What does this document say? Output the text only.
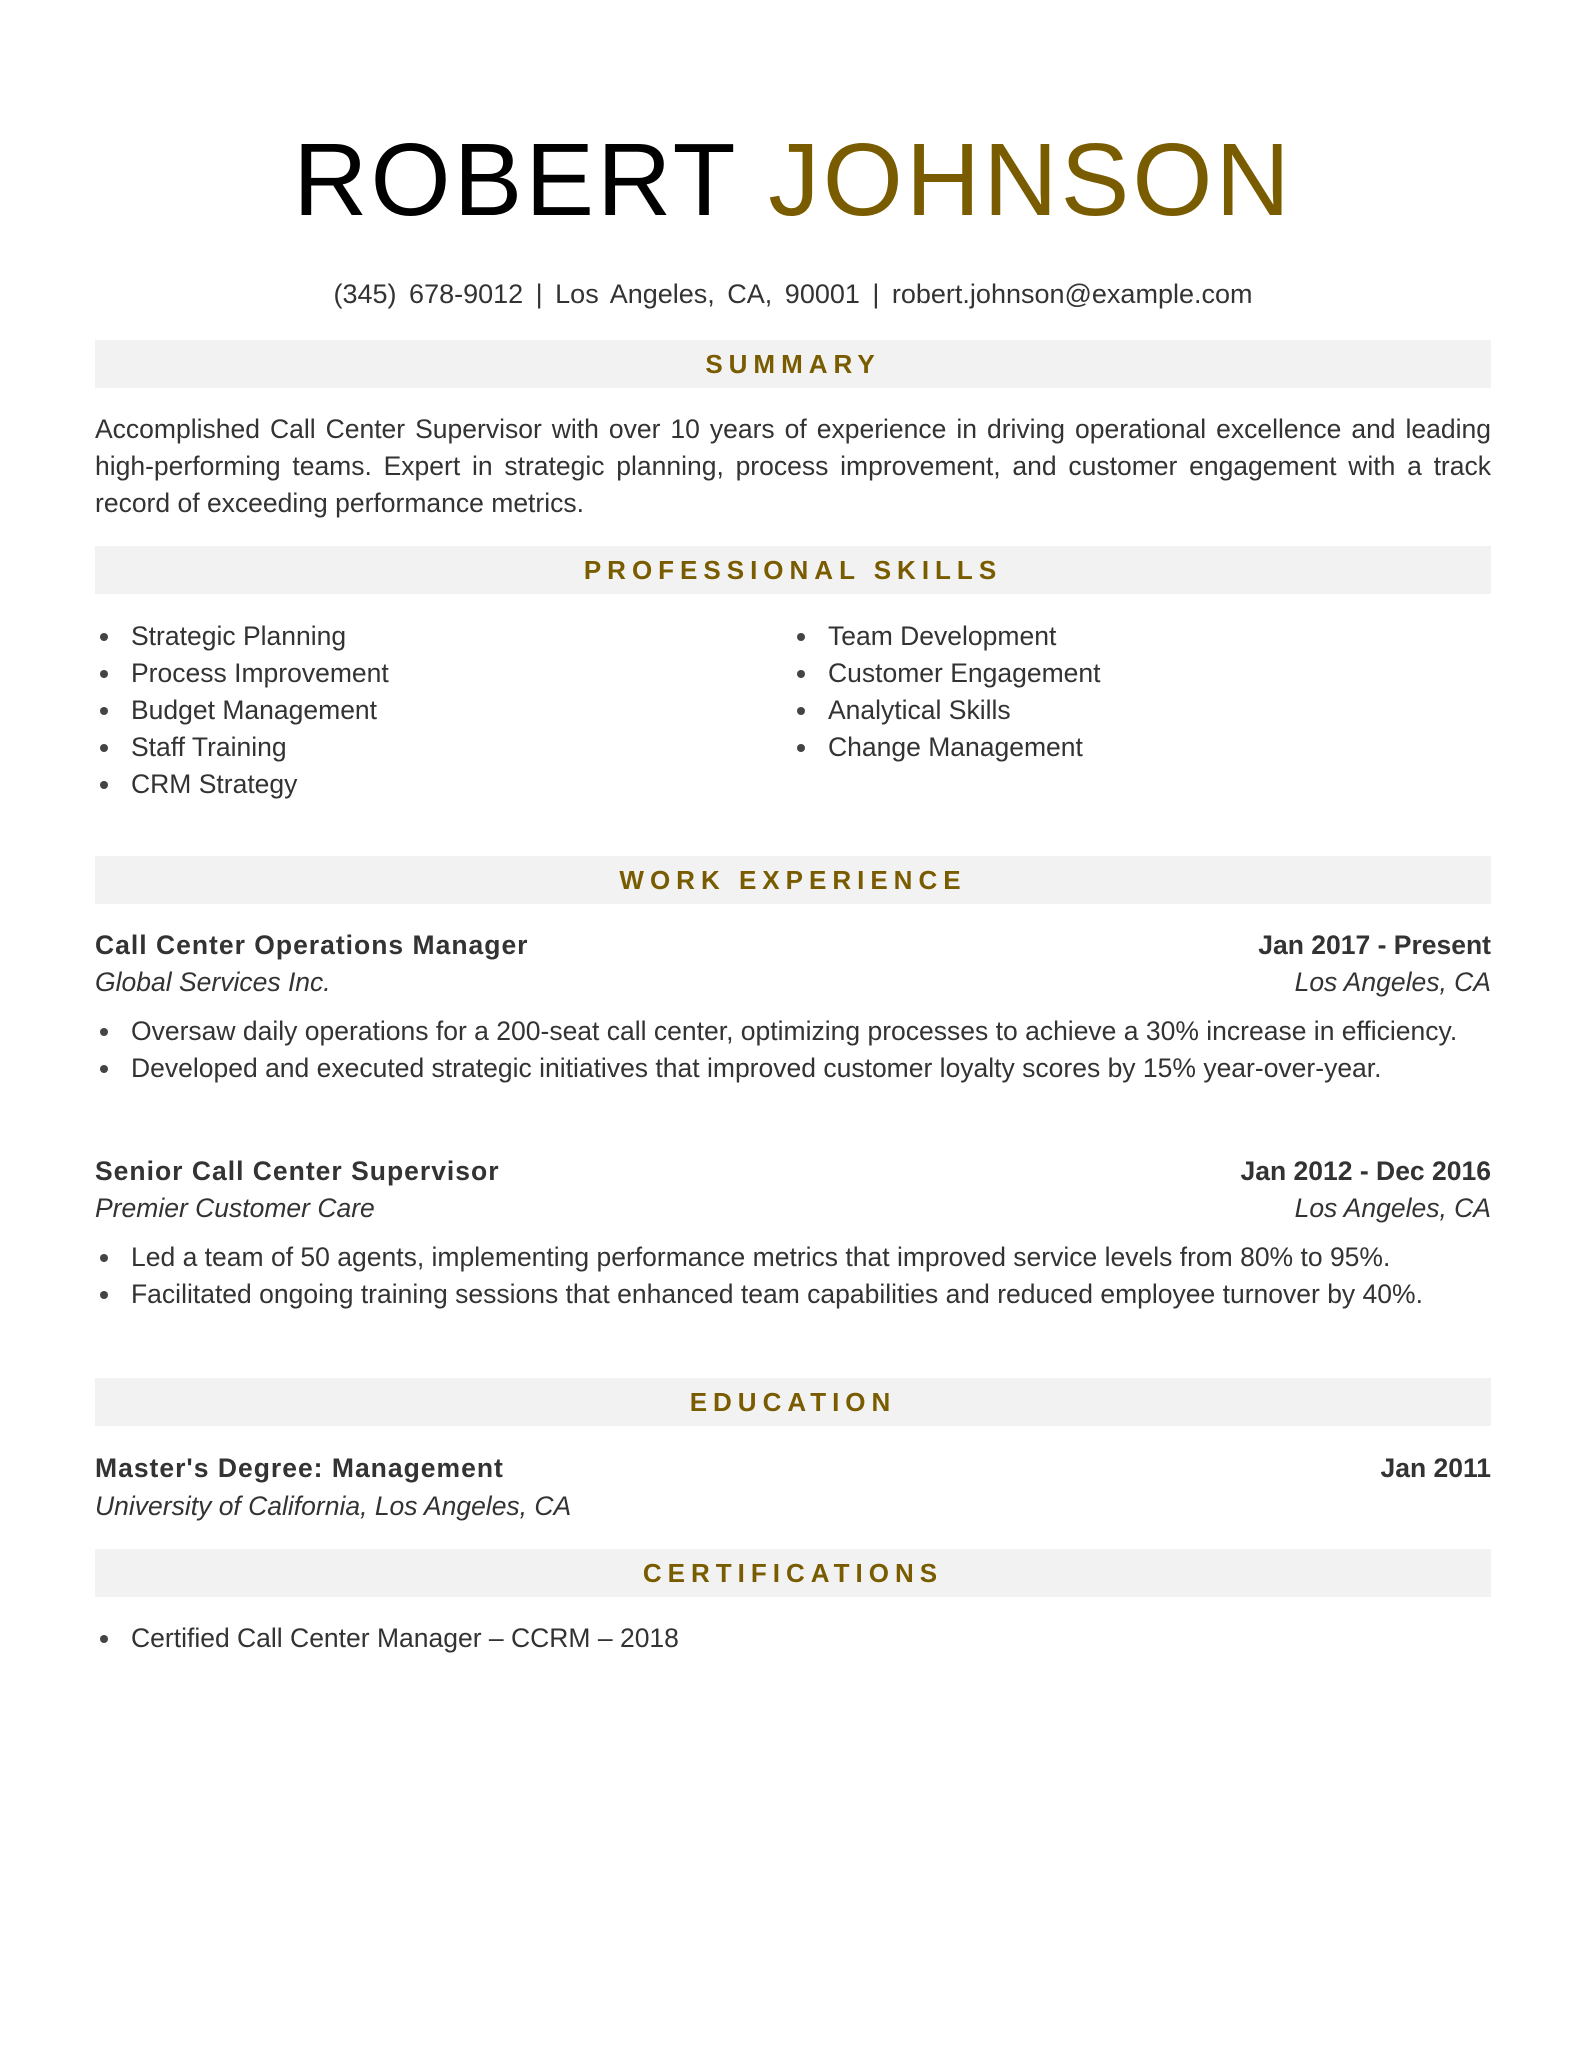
ROBERT JOHNSON
(345) 678-9012 | Los Angeles, CA, 90001 | robert.johnson@example.com
SUMMARY
Accomplished Call Center Supervisor with over 10 years of experience in driving operational excellence and leading high-performing teams. Expert in strategic planning, process improvement, and customer engagement with a track record of exceeding performance metrics.
PROFESSIONAL SKILLS
Strategic Planning
Process Improvement
Budget Management
Staff Training
CRM Strategy
Team Development
Customer Engagement
Analytical Skills
Change Management
WORK EXPERIENCE
Call Center Operations Manager	Jan 2017 - Present
Global Services Inc.	Los Angeles, CA
Oversaw daily operations for a 200-seat call center, optimizing processes to achieve a 30% increase in efficiency.
Developed and executed strategic initiatives that improved customer loyalty scores by 15% year-over-year.
Senior Call Center Supervisor	Jan 2012 - Dec 2016
Premier Customer Care	Los Angeles, CA
Led a team of 50 agents, implementing performance metrics that improved service levels from 80% to 95%.
Facilitated ongoing training sessions that enhanced team capabilities and reduced employee turnover by 40%.
EDUCATION
Master's Degree: Management	Jan 2011
University of California, Los Angeles, CA
CERTIFICATIONS
Certified Call Center Manager – CCRM – 2018
